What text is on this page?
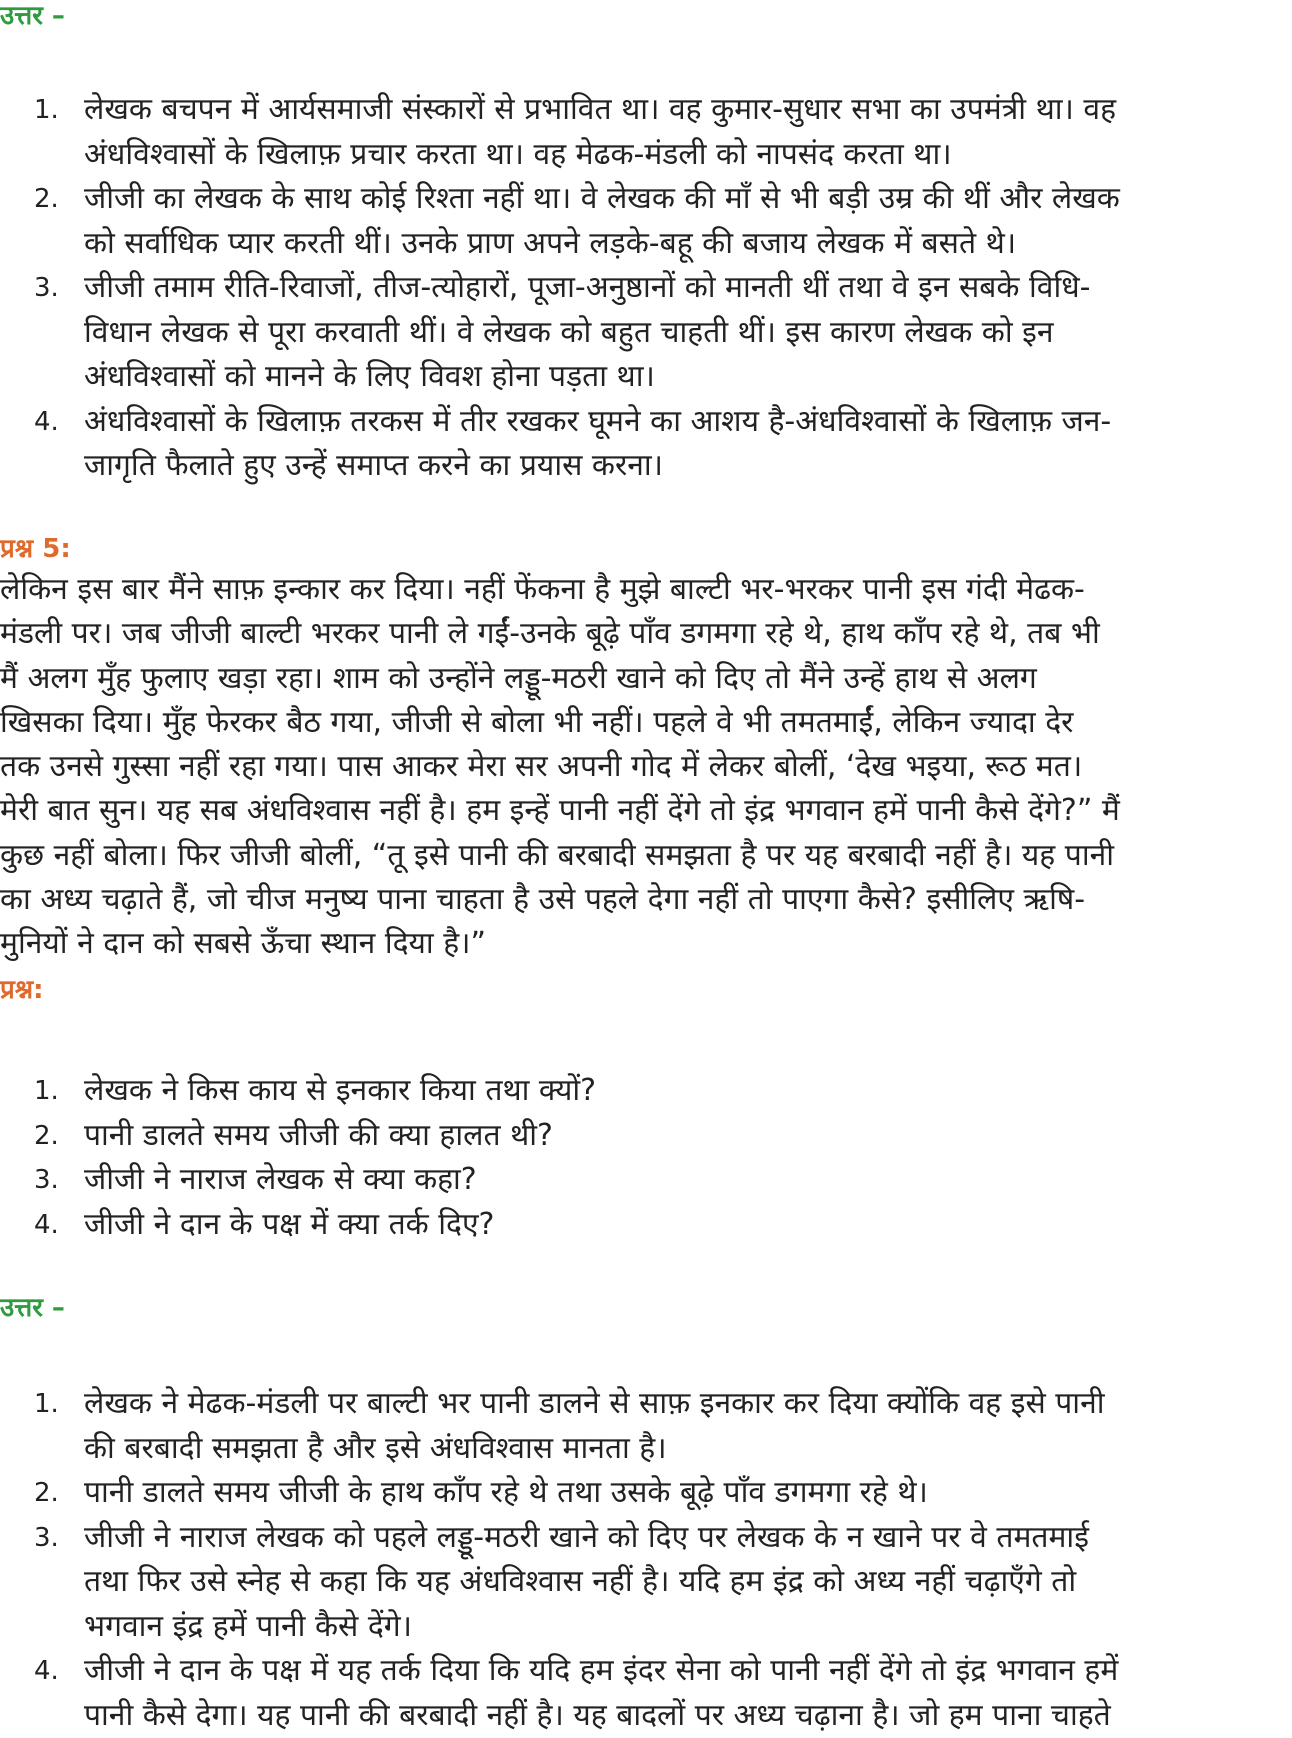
उत्तर –
1. लेखक बचपन में आर्यसमाजी संस्कारों से प्रभावित था। वह कुमार-सुधार सभा का उपमंत्री था। वह
अंधविश्वासों के खिलाफ़ प्रचार करता था। वह मेढक-मंडली को नापसंद करता था।
2. जीजी का लेखक के साथ कोई रिश्ता नहीं था। वे लेखक की माँ से भी बड़ी उम्र की थीं और लेखक
को सर्वाधिक प्यार करती थीं। उनके प्राण अपने लड़के-बहू की बजाय लेखक में बसते थे।
3. जीजी तमाम रीति-रिवाजों, तीज-त्योहारों, पूजा-अनुष्ठानों को मानती थीं तथा वे इन सबके विधि-
विधान लेखक से पूरा करवाती थीं। वे लेखक को बहुत चाहती थीं। इस कारण लेखक को इन
अंधविश्वासों को मानने के लिए विवश होना पड़ता था।
4. अंधविश्वासों के खिलाफ़ तरकस में तीर रखकर घूमने का आशय है-अंधविश्वासों के खिलाफ़ जन-
जागृति फैलाते हुए उन्हें समाप्त करने का प्रयास करना।
प्रश्न 5:
लेकिन इस बार मैंने साफ़ इन्कार कर दिया। नहीं फेंकना है मुझे बाल्टी भर-भरकर पानी इस गंदी मेढक-
मंडली पर। जब जीजी बाल्टी भरकर पानी ले गईं-उनके बूढ़े पाँव डगमगा रहे थे, हाथ काँप रहे थे, तब भी
मैं अलग मुँह फुलाए खड़ा रहा। शाम को उन्होंने लड्डू-मठरी खाने को दिए तो मैंने उन्हें हाथ से अलग
खिसका दिया। मुँह फेरकर बैठ गया, जीजी से बोला भी नहीं। पहले वे भी तमतमाईं, लेकिन ज्यादा देर
तक उनसे गुस्सा नहीं रहा गया। पास आकर मेरा सर अपनी गोद में लेकर बोलीं, ‘देख भइया, रूठ मत।
मेरी बात सुन। यह सब अंधविश्वास नहीं है। हम इन्हें पानी नहीं देंगे तो इंद्र भगवान हमें पानी कैसे देंगे?” मैं
कुछ नहीं बोला। फिर जीजी बोलीं, “तू इसे पानी की बरबादी समझता है पर यह बरबादी नहीं है। यह पानी
का अध्य चढ़ाते हैं, जो चीज मनुष्य पाना चाहता है उसे पहले देगा नहीं तो पाएगा कैसे? इसीलिए ऋषि-
मुनियों ने दान को सबसे ऊँचा स्थान दिया है।”
प्रश्न:
1. लेखक ने किस काय से इनकार किया तथा क्यों?
2. पानी डालते समय जीजी की क्या हालत थी?
3. जीजी ने नाराज लेखक से क्या कहा?
4. जीजी ने दान के पक्ष में क्या तर्क दिए?
उत्तर –
1. लेखक ने मेढक-मंडली पर बाल्टी भर पानी डालने से साफ़ इनकार कर दिया क्योंकि वह इसे पानी
की बरबादी समझता है और इसे अंधविश्वास मानता है।
2. पानी डालते समय जीजी के हाथ काँप रहे थे तथा उसके बूढ़े पाँव डगमगा रहे थे।
3. जीजी ने नाराज लेखक को पहले लड्डू-मठरी खाने को दिए पर लेखक के न खाने पर वे तमतमाई
तथा फिर उसे स्नेह से कहा कि यह अंधविश्वास नहीं है। यदि हम इंद्र को अध्य नहीं चढ़ाएँगे तो
भगवान इंद्र हमें पानी कैसे देंगे।
4. जीजी ने दान के पक्ष में यह तर्क दिया कि यदि हम इंदर सेना को पानी नहीं देंगे तो इंद्र भगवान हमें
पानी कैसे देगा। यह पानी की बरबादी नहीं है। यह बादलों पर अध्य चढ़ाना है। जो हम पाना चाहते
